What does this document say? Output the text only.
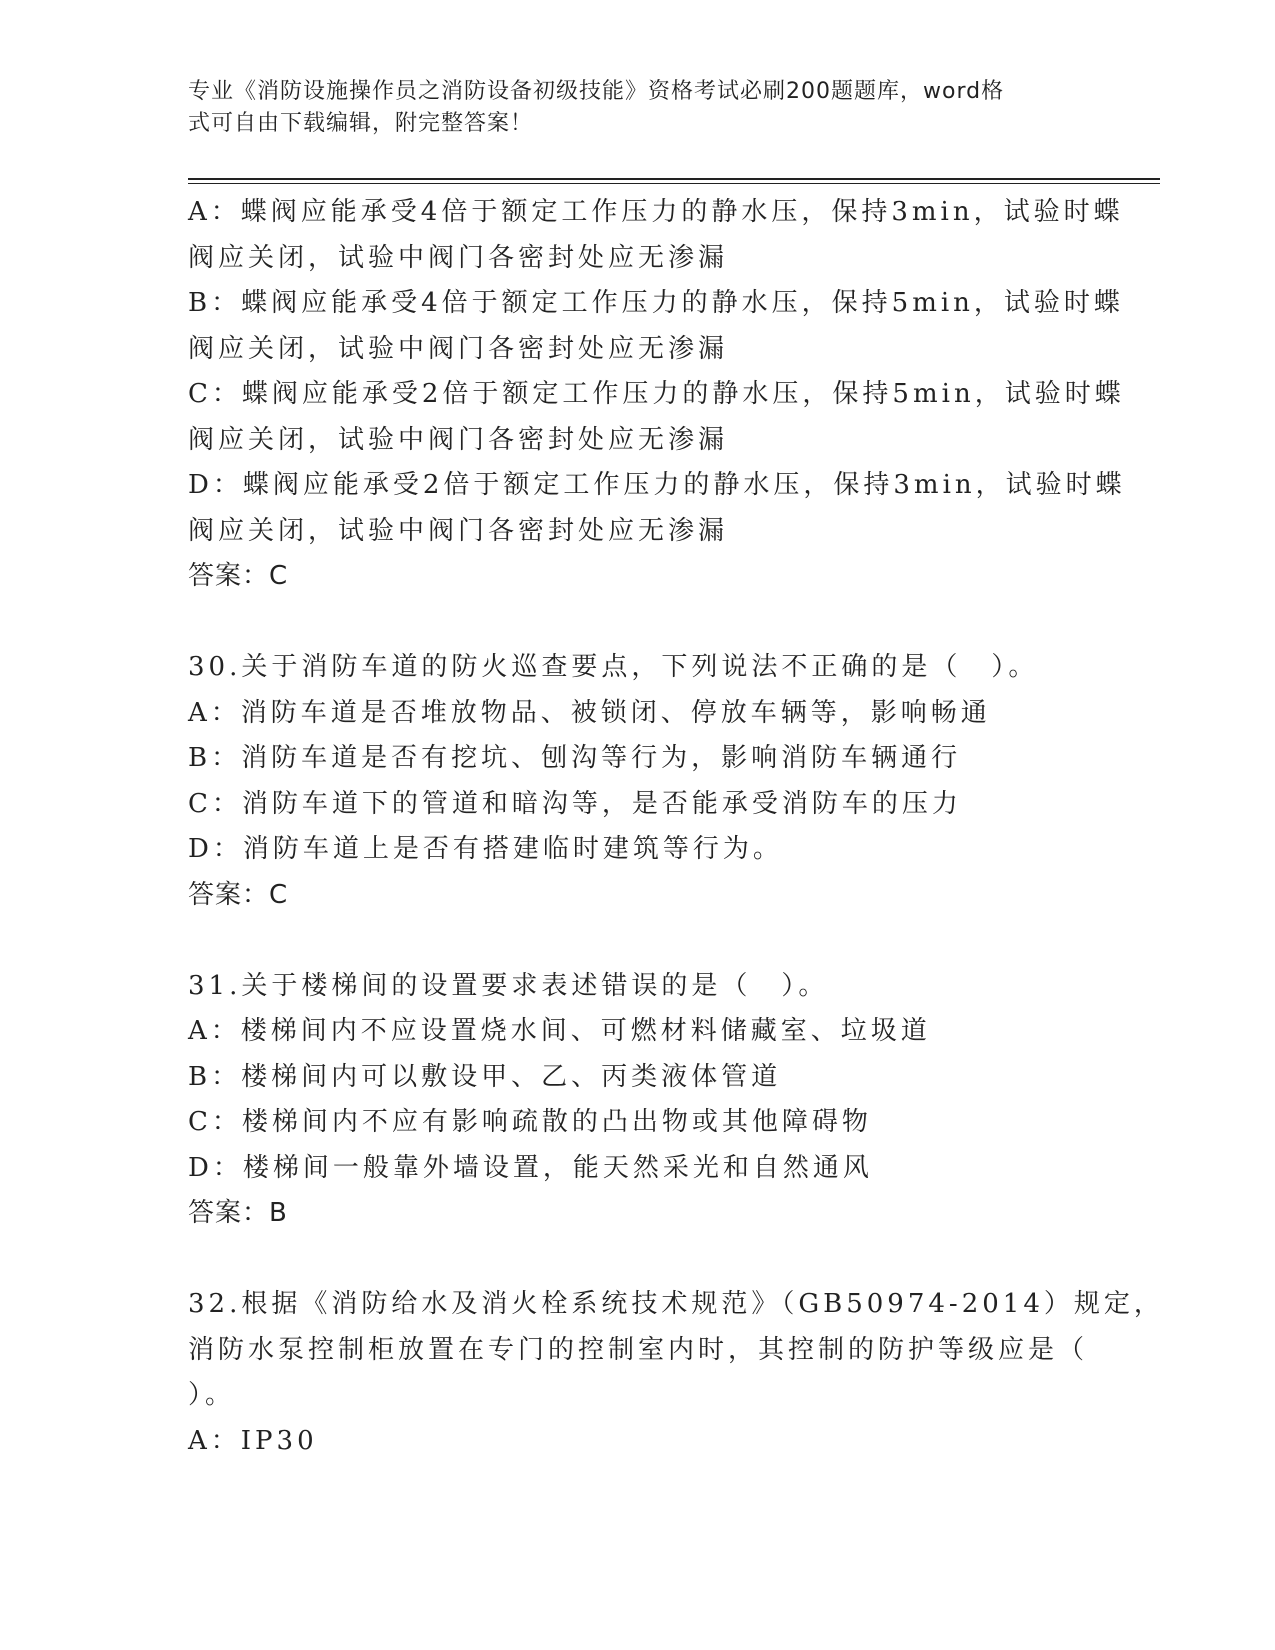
专业《消防设施操作员之消防设备初级技能》资格考试必刷200题题库，word格
式可自由下载编辑，附完整答案！
A：蝶阀应能承受4倍于额定工作压力的静水压，保持3min，试验时蝶
阀应关闭，试验中阀门各密封处应无渗漏
B：蝶阀应能承受4倍于额定工作压力的静水压，保持5min，试验时蝶
阀应关闭，试验中阀门各密封处应无渗漏
C：蝶阀应能承受2倍于额定工作压力的静水压，保持5min，试验时蝶
阀应关闭，试验中阀门各密封处应无渗漏
D：蝶阀应能承受2倍于额定工作压力的静水压，保持3min，试验时蝶
阀应关闭，试验中阀门各密封处应无渗漏
答案：C
30.关于消防车道的防火巡查要点，下列说法不正确的是（　）。
A：消防车道是否堆放物品、被锁闭、停放车辆等，影响畅通
B：消防车道是否有挖坑、刨沟等行为，影响消防车辆通行
C：消防车道下的管道和暗沟等，是否能承受消防车的压力
D：消防车道上是否有搭建临时建筑等行为。
答案：C
31.关于楼梯间的设置要求表述错误的是（　）。
A：楼梯间内不应设置烧水间、可燃材料储藏室、垃圾道
B：楼梯间内可以敷设甲、乙、丙类液体管道
C：楼梯间内不应有影响疏散的凸出物或其他障碍物
D：楼梯间一般靠外墙设置，能天然采光和自然通风
答案：B
32.根据《消防给水及消火栓系统技术规范》（GB50974-2014）规定，
消防水泵控制柜放置在专门的控制室内时，其控制的防护等级应是（
）。
A：IP30
